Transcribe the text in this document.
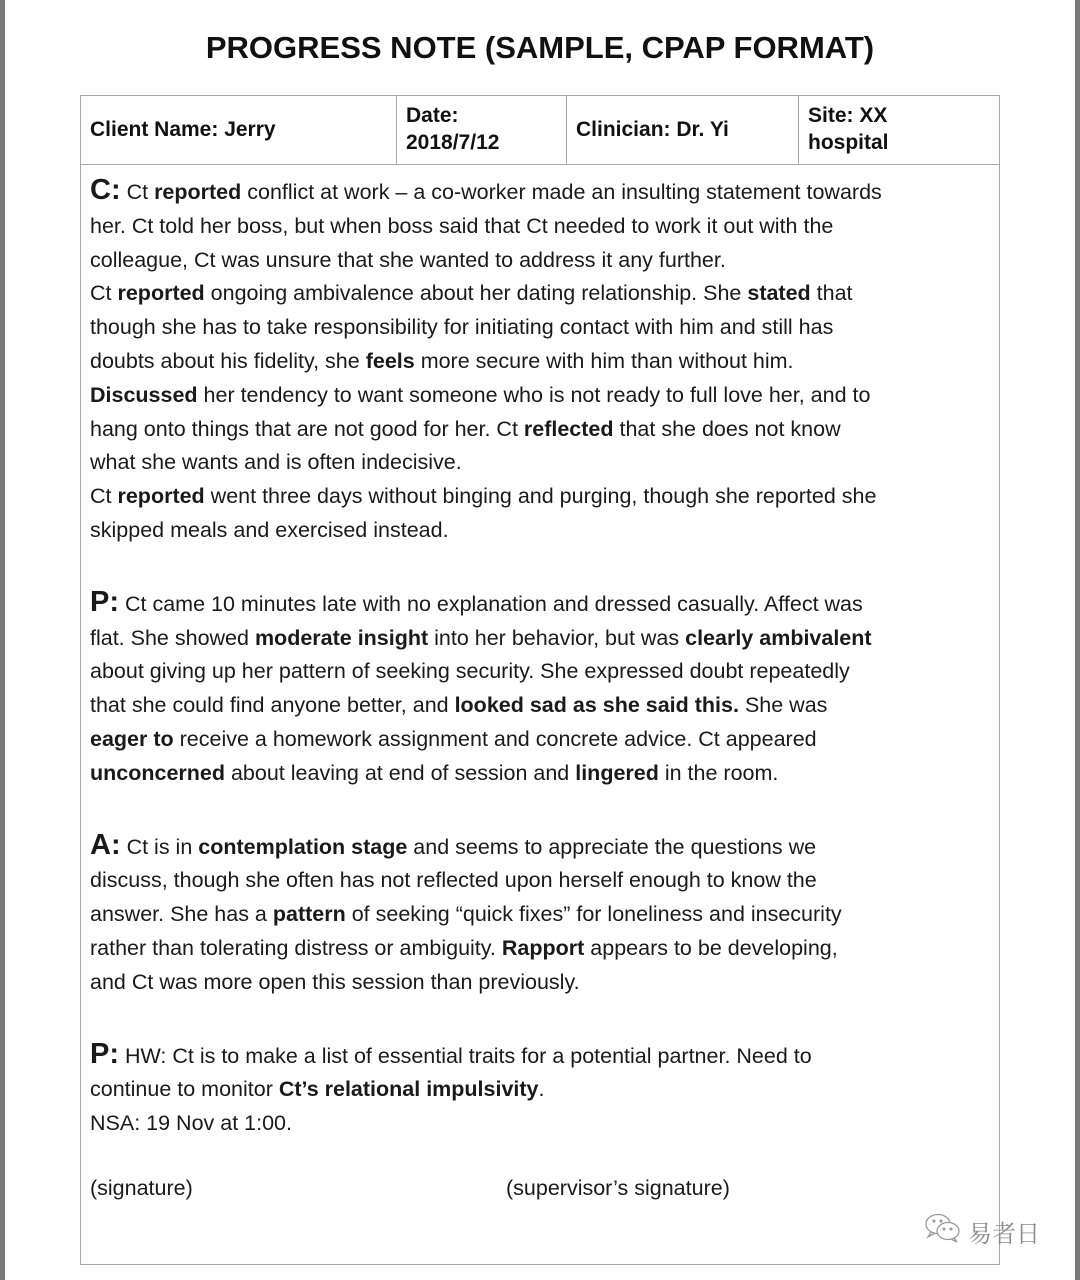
PROGRESS NOTE (SAMPLE, CPAP FORMAT)
Client Name: Jerry
Date:
2018/7/12
Clinician: Dr. Yi
Site: XX
hospital
C: Ct reported conflict at work – a co-worker made an insulting statement towards
her. Ct told her boss, but when boss said that Ct needed to work it out with the
colleague, Ct was unsure that she wanted to address it any further.
Ct reported ongoing ambivalence about her dating relationship. She stated that
though she has to take responsibility for initiating contact with him and still has
doubts about his fidelity, she feels more secure with him than without him.
Discussed her tendency to want someone who is not ready to full love her, and to
hang onto things that are not good for her. Ct reflected that she does not know
what she wants and is often indecisive.
Ct reported went three days without binging and purging, though she reported she
skipped meals and exercised instead.
P: Ct came 10 minutes late with no explanation and dressed casually. Affect was
flat. She showed moderate insight into her behavior, but was clearly ambivalent
about giving up her pattern of seeking security. She expressed doubt repeatedly
that she could find anyone better, and looked sad as she said this. She was
eager to receive a homework assignment and concrete advice. Ct appeared
unconcerned about leaving at end of session and lingered in the room.
A: Ct is in contemplation stage and seems to appreciate the questions we
discuss, though she often has not reflected upon herself enough to know the
answer. She has a pattern of seeking “quick fixes” for loneliness and insecurity
rather than tolerating distress or ambiguity. Rapport appears to be developing,
and Ct was more open this session than previously.
P: HW: Ct is to make a list of essential traits for a potential partner. Need to
continue to monitor Ct’s relational impulsivity.
NSA: 19 Nov at 1:00.
(signature)	(supervisor’s signature)
易者日
